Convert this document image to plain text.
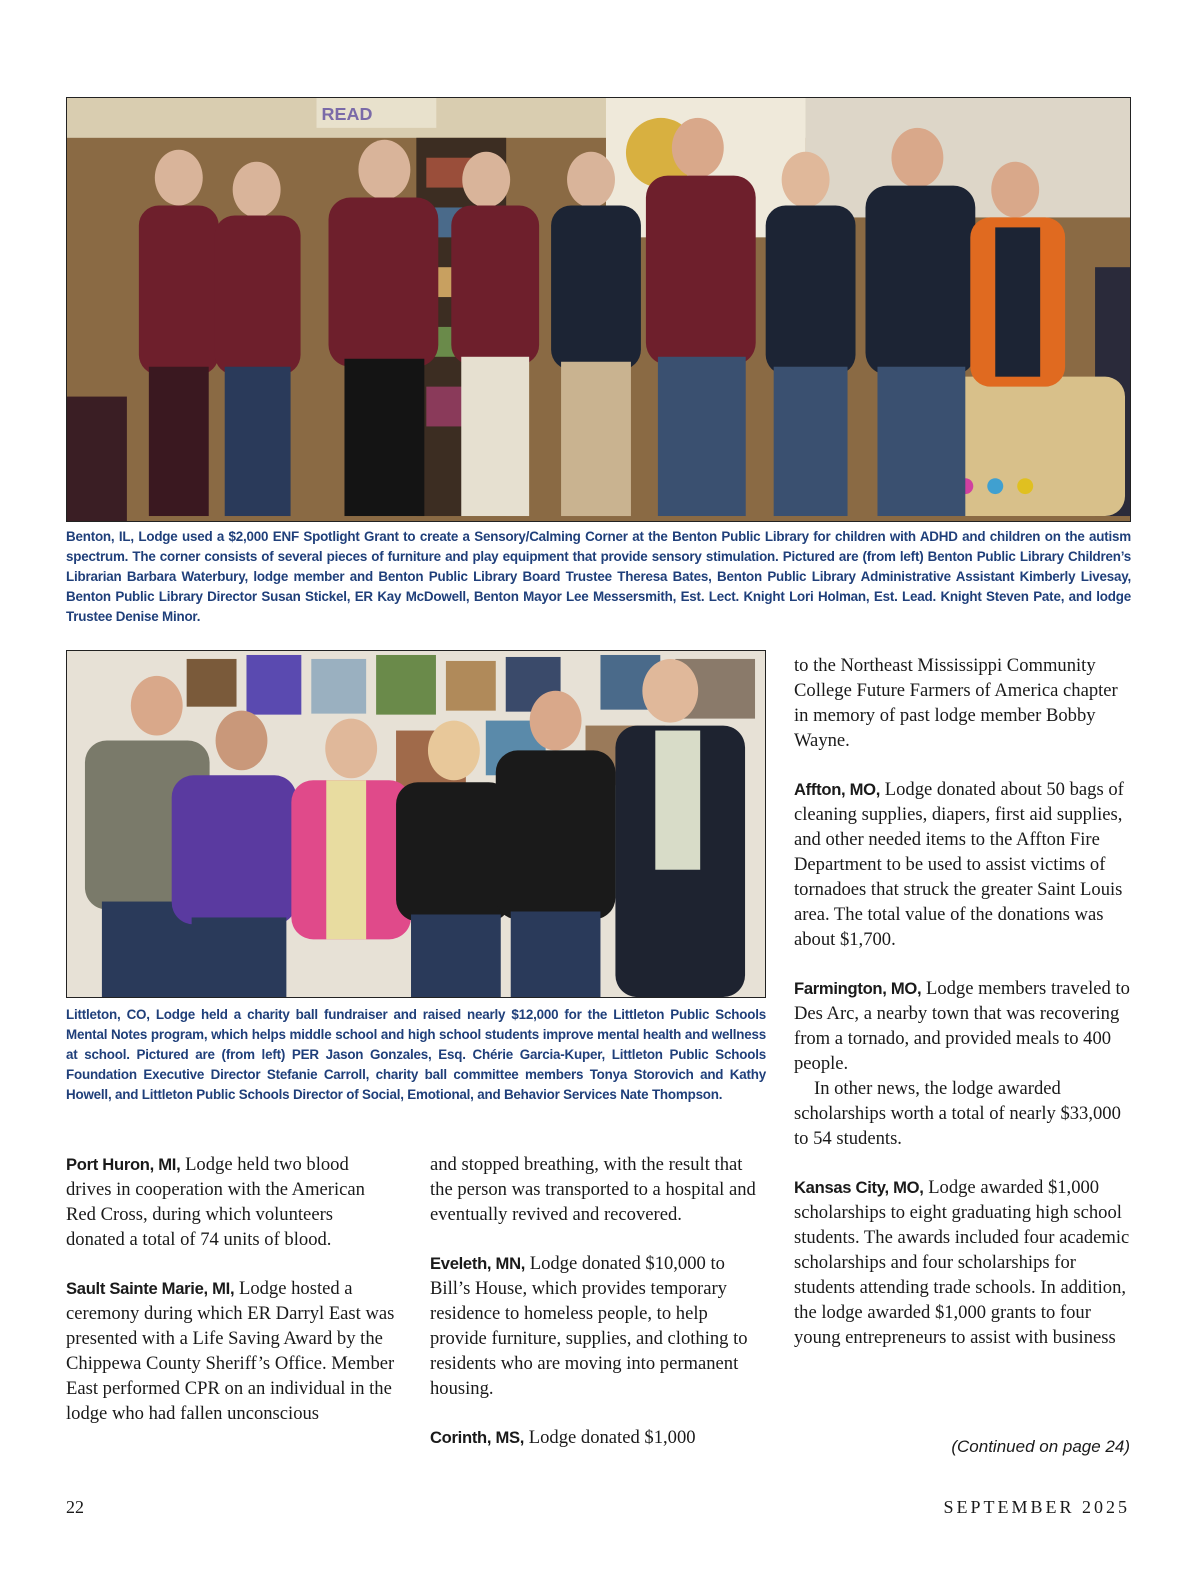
READ
Benton, IL, Lodge used a $2,000 ENF Spotlight Grant to create a Sensory/Calming Corner at the Benton Public Library for children with ADHD and children on the autism spectrum. The corner consists of several pieces of furniture and play equipment that provide sensory stimulation. Pictured are (from left) Benton Public Library Children’s Librarian Barbara Waterbury, lodge member and Benton Public Library Board Trustee Theresa Bates, Benton Public Library Administrative Assistant Kimberly Livesay, Benton Public Library Director Susan Stickel, ER Kay McDowell, Benton Mayor Lee Messersmith, Est. Lect. Knight Lori Holman, Est. Lead. Knight Steven Pate, and lodge Trustee Denise Minor.
Littleton, CO, Lodge held a charity ball fundraiser and raised nearly $12,000 for the Littleton Public Schools Mental Notes program, which helps middle school and high school students improve mental health and wellness at school. Pictured are (from left) PER Jason Gonzales, Esq. Chérie Garcia-Kuper, Littleton Public Schools Foundation Executive Director Stefanie Carroll, charity ball committee members Tonya Storovich and Kathy Howell, and Littleton Public Schools Director of Social, Emotional, and Behavior Services Nate Thompson.

Port Huron, MI, Lodge held two blood drives in cooperation with the American Red Cross, during which volunteers donated a total of 74 units of blood.

Sault Sainte Marie, MI, Lodge hosted a ceremony during which ER Darryl East was presented with a Life Saving Award by the Chippewa County Sheriff’s Office. Member East performed CPR on an individual in the lodge who had fallen unconscious

and stopped breathing, with the result that the person was transported to a hospital and eventually revived and recovered.

Eveleth, MN, Lodge donated $10,000 to Bill’s House, which provides temporary residence to homeless people, to help provide furniture, supplies, and clothing to residents who are moving into permanent housing.

Corinth, MS, Lodge donated $1,000

to the Northeast Mississippi Community College Future Farmers of America chapter in memory of past lodge member Bobby Wayne.

Affton, MO, Lodge donated about 50 bags of cleaning supplies, diapers, first aid supplies, and other needed items to the Affton Fire Department to be used to assist victims of tornadoes that struck the greater Saint Louis area. The total value of the donations was about $1,700.

Farmington, MO, Lodge members traveled to Des Arc, a nearby town that was recovering from a tornado, and provided meals to 400 people.

In other news, the lodge awarded scholarships worth a total of nearly $33,000 to 54 students.

Kansas City, MO, Lodge awarded $1,000 scholarships to eight graduating high school students. The awards included four academic scholarships and four scholarships for students attending trade schools. In addition, the lodge awarded $1,000 grants to four young entrepreneurs to assist with business

(Continued on page 24)
22	SEPTEMBER 2025
